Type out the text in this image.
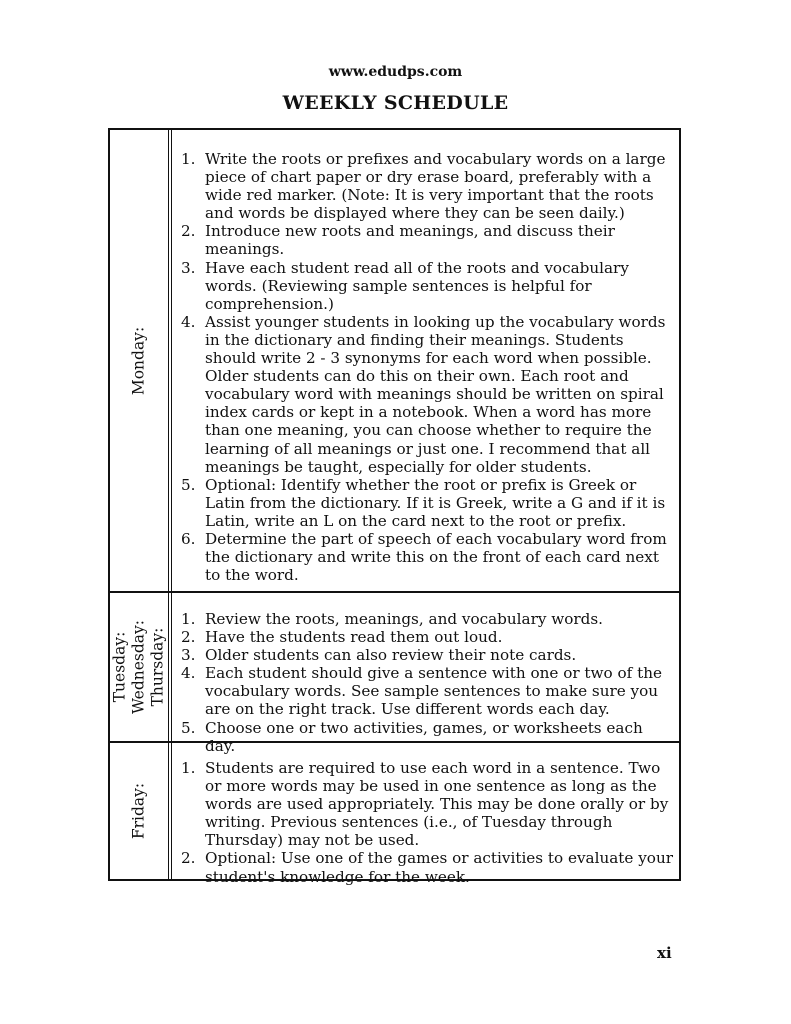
www.edudps.com
WEEKLY SCHEDULE
Monday:
1. Write the roots or prefixes and vocabulary words on a large piece of chart paper or dry erase board, preferably with a wide red marker. (Note: It is very important that the roots and words be displayed where they can be seen daily.)
2. Introduce new roots and meanings, and discuss their meanings.
3. Have each student read all of the roots and vocabulary words. (Reviewing sample sentences is helpful for comprehension.)
4. Assist younger students in looking up the vocabulary words in the dictionary and finding their meanings. Students should write 2 - 3 synonyms for each word when possible. Older students can do this on their own. Each root and vocabulary word with meanings should be written on spiral index cards or kept in a notebook. When a word has more than one meaning, you can choose whether to require the learning of all meanings or just one. I recommend that all meanings be taught, especially for older students.
5. Optional: Identify whether the root or prefix is Greek or Latin from the dictionary. If it is Greek, write a G and if it is Latin, write an L on the card next to the root or prefix.
6. Determine the part of speech of each vocabulary word from the dictionary and write this on the front of each card next to the word.
Tuesday: Wednesday: Thursday:
1. Review the roots, meanings, and vocabulary words.
2. Have the students read them out loud.
3. Older students can also review their note cards.
4. Each student should give a sentence with one or two of the vocabulary words. See sample sentences to make sure you are on the right track. Use different words each day.
5. Choose one or two activities, games, or worksheets each day.
Friday:
1. Students are required to use each word in a sentence. Two or more words may be used in one sentence as long as the words are used appropriately. This may be done orally or by writing. Previous sentences (i.e., of Tuesday through Thursday) may not be used.
2. Optional: Use one of the games or activities to evaluate your student's knowledge for the week.
xi
